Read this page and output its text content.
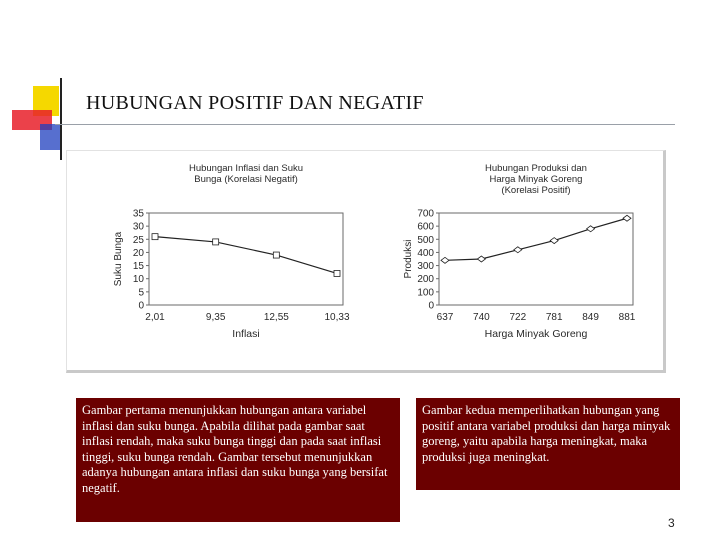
HUBUNGAN POSITIF DAN NEGATIF
Hubungan Inflasi dan Suku
Bunga (Korelasi Negatif)
0
5
10
15
20
25
30
35
2,01	9,35	12,55	10,33
Inflasi
Suku Bunga
Hubungan Produksi dan
Harga Minyak Goreng
(Korelasi Positif)
0
100
200
300
400
500
600
700
637 740 722 781 849 881
Harga Minyak Goreng
Produksi
Gambar pertama menunjukkan hubungan antara variabel inflasi dan suku bunga. Apabila dilihat pada gambar saat inflasi rendah, maka suku bunga tinggi dan pada saat inflasi tinggi, suku bunga rendah. Gambar tersebut menunjukkan adanya hubungan antara inflasi dan suku bunga yang bersifat negatif.
Gambar kedua memperlihatkan hubungan yang positif antara variabel produksi dan harga minyak goreng, yaitu apabila harga meningkat, maka produksi juga meningkat.
3
